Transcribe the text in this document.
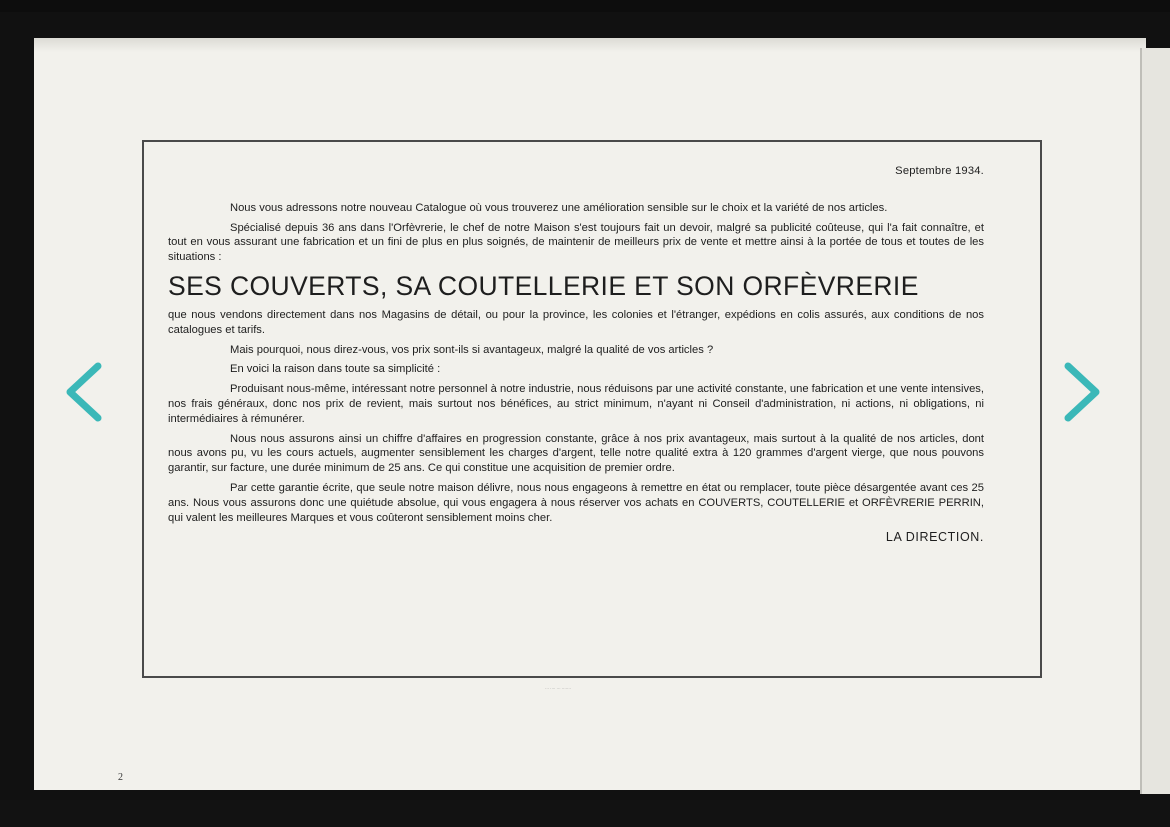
2
Septembre 1934.

Nous vous adressons notre nouveau Catalogue où vous trouverez une amélioration sensible sur le choix et la variété de nos articles.

Spécialisé depuis 36 ans dans l'Orfèvrerie, le chef de notre Maison s'est toujours fait un devoir, malgré sa publicité coûteuse, qui l'a fait connaître, et tout en vous assurant une fabrication et un fini de plus en plus soignés, de maintenir de meilleurs prix de vente et mettre ainsi à la portée de tous et toutes de les situations :

SES COUVERTS, SA COUTELLERIE ET SON ORFÈVRERIE

que nous vendons directement dans nos Magasins de détail, ou pour la province, les colonies et l'étranger, expédions en colis assurés, aux conditions de nos catalogues et tarifs.

Mais pourquoi, nous direz-vous, vos prix sont-ils si avantageux, malgré la qualité de vos articles ?

En voici la raison dans toute sa simplicité :

Produisant nous-même, intéressant notre personnel à notre industrie, nous réduisons par une activité constante, une fabrication et une vente intensives, nos frais généraux, donc nos prix de revient, mais surtout nos bénéfices, au strict minimum, n'ayant ni Conseil d'administration, ni actions, ni obligations, ni intermédiaires à rémunérer.

Nous nous assurons ainsi un chiffre d'affaires en progression constante, grâce à nos prix avantageux, mais surtout à la qualité de nos articles, dont nous avons pu, vu les cours actuels, augmenter sensiblement les charges d'argent, telle notre qualité extra à 120 grammes d'argent vierge, que nous pouvons garantir, sur facture, une durée minimum de 25 ans. Ce qui constitue une acquisition de premier ordre.

Par cette garantie écrite, que seule notre maison délivre, nous nous engageons à remettre en état ou remplacer, toute pièce désargentée avant ces 25 ans. Nous vous assurons donc une quiétude absolue, qui vous engagera à nous réserver vos achats en COUVERTS, COUTELLERIE et ORFÈVRERIE PERRIN, qui valent les meilleures Marques et vous coûteront sensiblement moins cher.

LA DIRECTION.
··· ···· ··· ·······
